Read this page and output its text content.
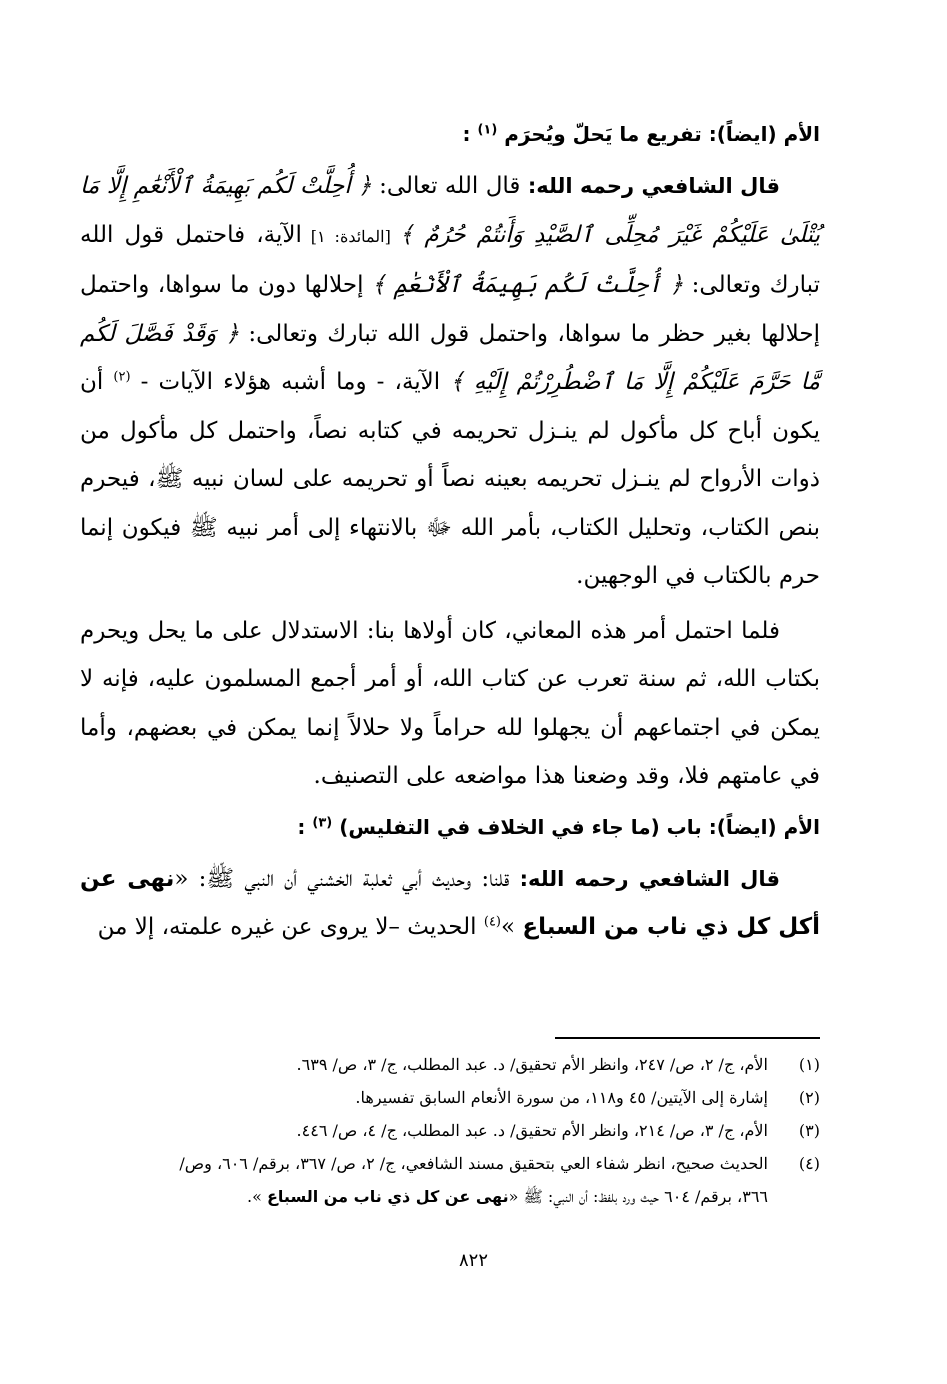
الأم (ايضاً): تفريع ما يَحلّ ويُحرَم $^{(١)}$ :

قال الشافعي رحمه الله: قال الله تعالى: ﴿ أُحِلَّتْ لَكُم بَهِيمَةُ ٱلْأَنْعَٰمِ إِلَّا مَا يُتْلَىٰ عَلَيْكُمْ غَيْرَ مُحِلِّى ٱلصَّيْدِ وَأَنتُمْ حُرُمٌ ﴾ [المائدة: ١] الآية، فاحتمل قول الله تبارك وتعالى: ﴿ أُحِلَّتْ لَكُم بَهِيمَةُ ٱلْأَنْعَٰمِ ﴾ إحلالها دون ما سواها، واحتمل إحلالها بغير حظر ما سواها، واحتمل قول الله تبارك وتعالى: ﴿ وَقَدْ فَصَّلَ لَكُم مَّا حَرَّمَ عَلَيْكُمْ إِلَّا مَا ٱضْطُرِرْتُمْ إِلَيْهِ ﴾ الآية، - وما أشبه هؤلاء الآيات - $^{(٢)}$ أن يكون أباح كل مأكول لم ينـزل تحريمه في كتابه نصاً، واحتمل كل مأكول من ذوات الأرواح لم ينـزل تحريمه بعينه نصاً أو تحريمه على لسان نبيه ﷺ، فيحرم بنص الكتاب، وتحليل الكتاب، بأمر الله ﷻ بالانتهاء إلى أمر نبيه ﷺ فيكون إنما حرم بالكتاب في الوجهين.

فلما احتمل أمر هذه المعاني، كان أولاها بنا: الاستدلال على ما يحل ويحرم بكتاب الله، ثم سنة تعرب عن كتاب الله، أو أمر أجمع المسلمون عليه، فإنه لا يمكن في اجتماعهم أن يجهلوا لله حراماً ولا حلالاً إنما يمكن في بعضهم، وأما في عامتهم فلا، وقد وضعنا هذا مواضعه على التصنيف.

الأم (ايضاً): باب (ما جاء في الخلاف في التفليس) $^{(٣)}$ :

قال الشافعي رحمه الله: قلنا: وحديث أبي ثعلبة الخشني أن النبي ﷺ: «نهى عن أكل كل ذي ناب من السباع »$^{(٤)}$ الحديث –لا يروى عن غيره علمته، إلا من

(١)
الأم، ج/ ٢، ص/ ٢٤٧، وانظر الأم تحقيق/ د. عبد المطلب، ج/ ٣، ص/ ٦٣٩.

(٢)
إشارة إلى الآيتين/ ٤٥ و١١٨، من سورة الأنعام السابق تفسيرها.

(٣)
الأم، ج/ ٣، ص/ ٢١٤، وانظر الأم تحقيق/ د. عبد المطلب، ج/ ٤، ص/ ٤٤٦.

(٤)
الحديث صحيح، انظر شفاء العي بتحقيق مسند الشافعي، ج/ ٢، ص/ ٣٦٧، برقم/ ٦٠٦، وص/ ٣٦٦، برقم/ ٦٠٤ حيث ورد بلفظ: أن النبي: ﷺ «نهى عن كل ذي ناب من السباع ».

٨٢٢
